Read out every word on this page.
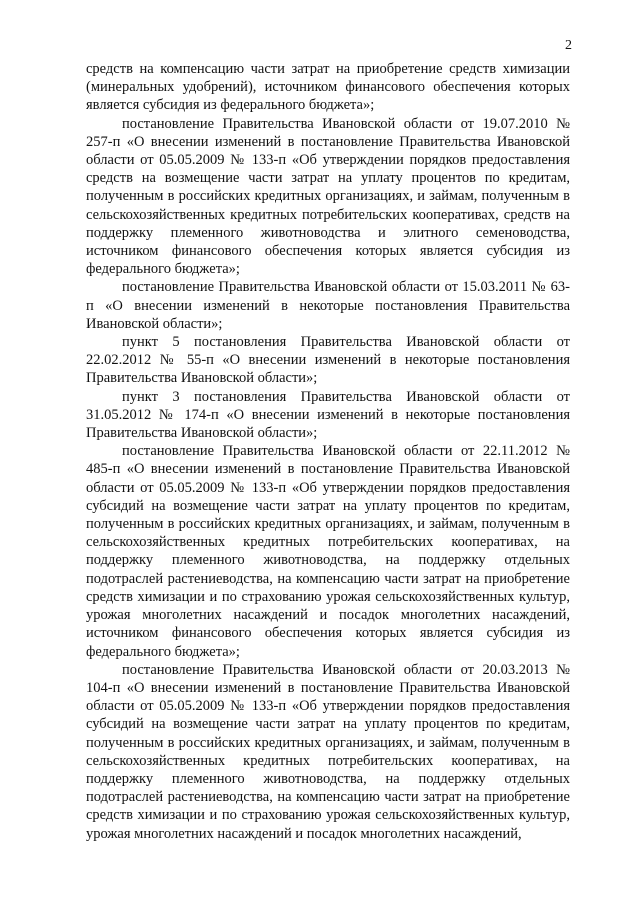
2

средств на компенсацию части затрат на приобретение средств химизации (минеральных удобрений), источником финансового обеспечения которых является субсидия из федерального бюджета»;

постановление Правительства Ивановской области от 19.07.2010 № 257-п «О внесении изменений в постановление Правительства Ивановской области от 05.05.2009 № 133-п «Об утверждении порядков предоставления средств на возмещение части затрат на уплату процентов по кредитам, полученным в российских кредитных организациях, и займам, полученным в сельскохозяйственных кредитных потребительских кооперативах, средств на поддержку племенного животноводства и элитного семеноводства, источником финансового обеспечения которых является субсидия из федерального бюджета»;

постановление Правительства Ивановской области от 15.03.2011 № 63-п «О внесении изменений в некоторые постановления Правительства Ивановской области»;

пункт 5 постановления Правительства Ивановской области от 22.02.2012 № 55-п «О внесении изменений в некоторые постановления Правительства Ивановской области»;

пункт 3 постановления Правительства Ивановской области от 31.05.2012 № 174-п «О внесении изменений в некоторые постановления Правительства Ивановской области»;

постановление Правительства Ивановской области от 22.11.2012 № 485-п «О внесении изменений в постановление Правительства Ивановской области от 05.05.2009 № 133-п «Об утверждении порядков предоставления субсидий на возмещение части затрат на уплату процентов по кредитам, полученным в российских кредитных организациях, и займам, полученным в сельскохозяйственных кредитных потребительских кооперативах, на поддержку племенного животноводства, на поддержку отдельных подотраслей растениеводства, на компенсацию части затрат на приобретение средств химизации и по страхованию урожая сельскохозяйственных культур, урожая многолетних насаждений и посадок многолетних насаждений, источником финансового обеспечения которых является субсидия из федерального бюджета»;

постановление Правительства Ивановской области от 20.03.2013 № 104-п «О внесении изменений в постановление Правительства Ивановской области от 05.05.2009 № 133-п «Об утверждении порядков предоставления субсидий на возмещение части затрат на уплату процентов по кредитам, полученным в российских кредитных организациях, и займам, полученным в сельскохозяйственных кредитных потребительских кооперативах, на поддержку племенного животноводства, на поддержку отдельных подотраслей растениеводства, на компенсацию части затрат на приобретение средств химизации и по страхованию урожая сельскохозяйственных культур, урожая многолетних насаждений и посадок многолетних насаждений,
